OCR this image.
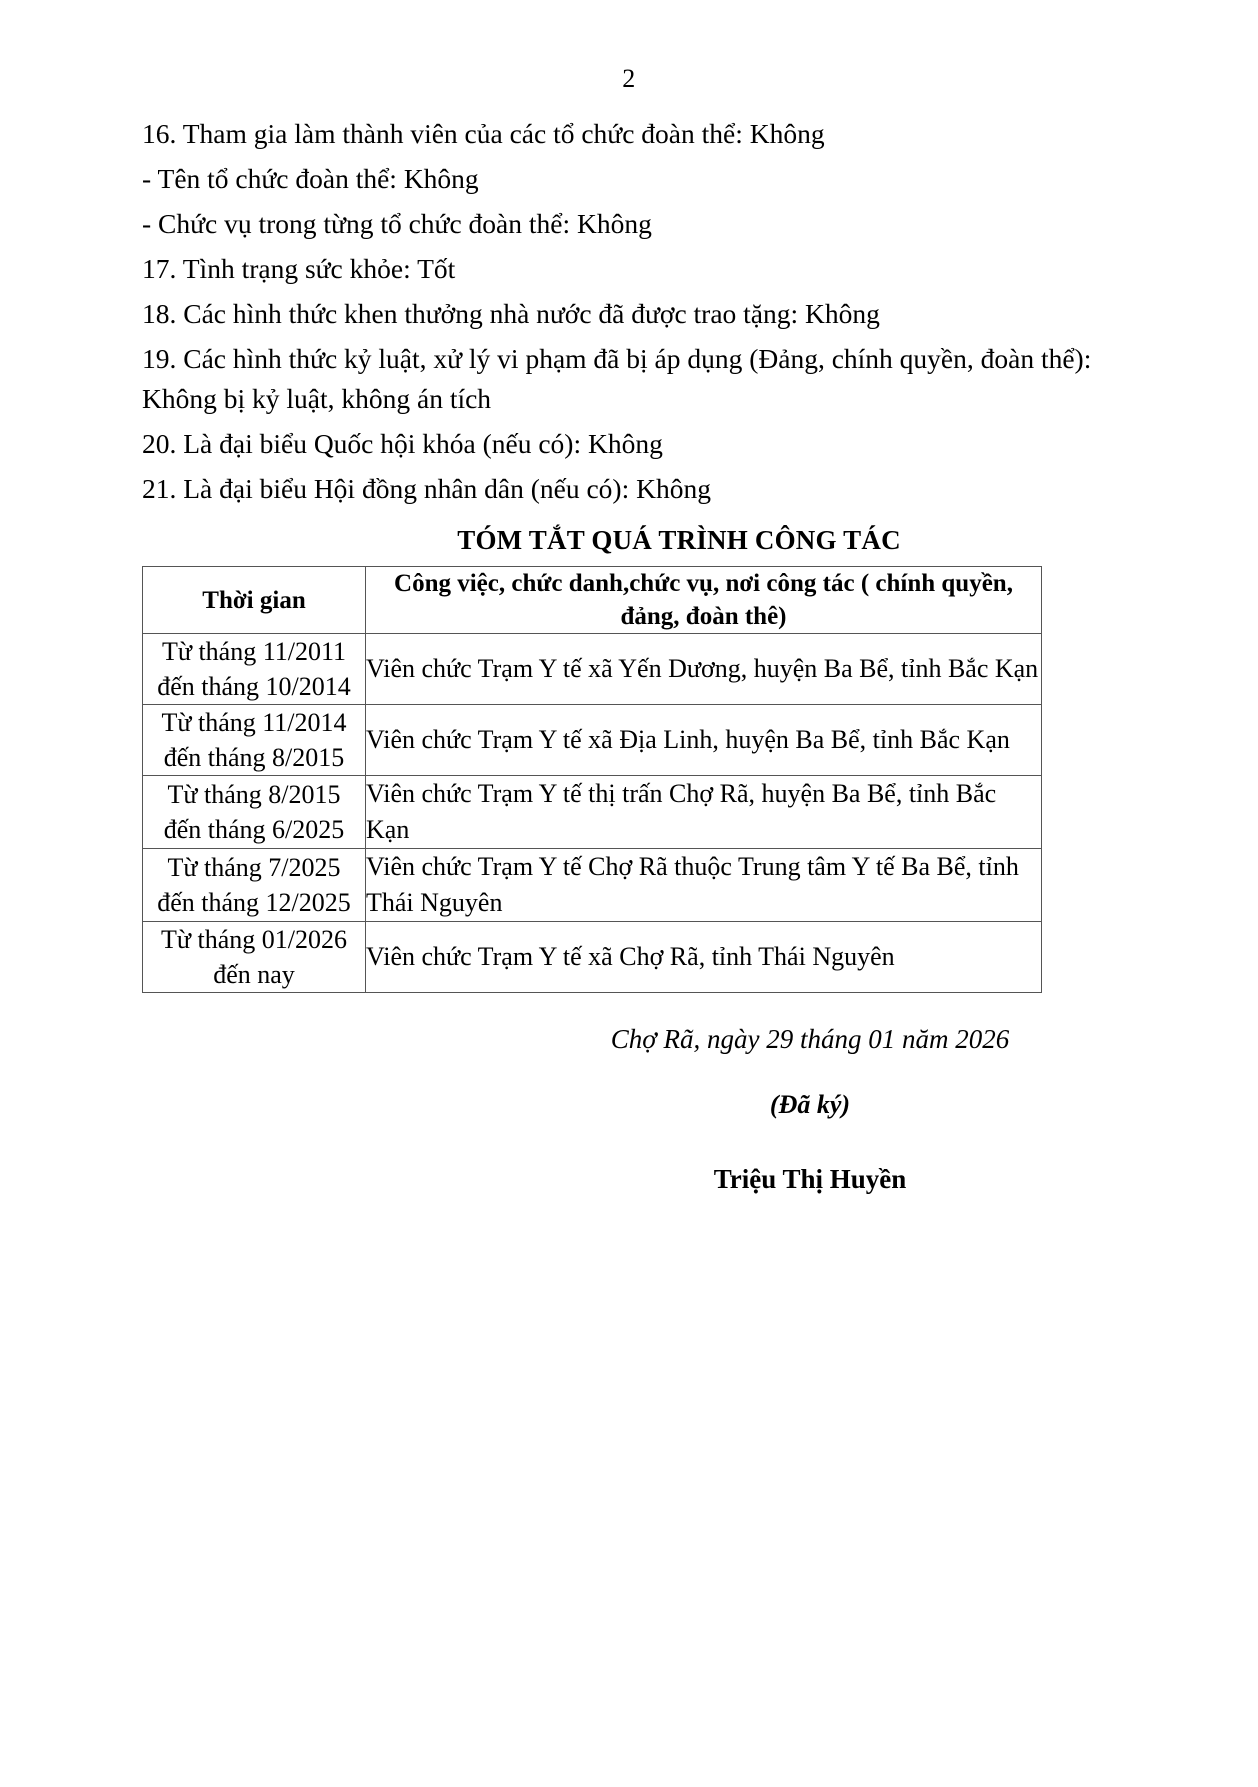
2

16. Tham gia làm thành viên của các tổ chức đoàn thể: Không

- Tên tổ chức đoàn thể: Không

- Chức vụ trong từng tổ chức đoàn thể: Không

17. Tình trạng sức khỏe: Tốt

18. Các hình thức khen thưởng nhà nước đã được trao tặng: Không

19. Các hình thức kỷ luật, xử lý vi phạm đã bị áp dụng (Đảng, chính quyền, đoàn thể): Không bị kỷ luật, không án tích

20. Là đại biểu Quốc hội khóa (nếu có): Không

21. Là đại biểu Hội đồng nhân dân (nếu có): Không

TÓM TẮT QUÁ TRÌNH CÔNG TÁC
Thời gian	Công việc, chức danh,chức vụ, nơi công tác ( chính quyền, đảng, đoàn thê)

Từ tháng 11/2011
đến tháng 10/2014	Viên chức Trạm Y tế xã Yến Dương, huyện Ba Bể, tỉnh Bắc Kạn

Từ tháng 11/2014
đến tháng 8/2015	Viên chức Trạm Y tế xã Địa Linh, huyện Ba Bể, tỉnh Bắc Kạn

Từ tháng 8/2015
đến tháng 6/2025	Viên chức Trạm Y tế thị trấn Chợ Rã, huyện Ba Bể, tỉnh Bắc Kạn

Từ tháng 7/2025
đến tháng 12/2025	Viên chức Trạm Y tế Chợ Rã thuộc Trung tâm Y tế Ba Bể, tỉnh Thái Nguyên

Từ tháng 01/2026
đến nay	Viên chức Trạm Y tế xã Chợ Rã, tỉnh Thái Nguyên
Chợ Rã, ngày 29 tháng 01 năm 2026
(Đã ký)
Triệu Thị Huyền
